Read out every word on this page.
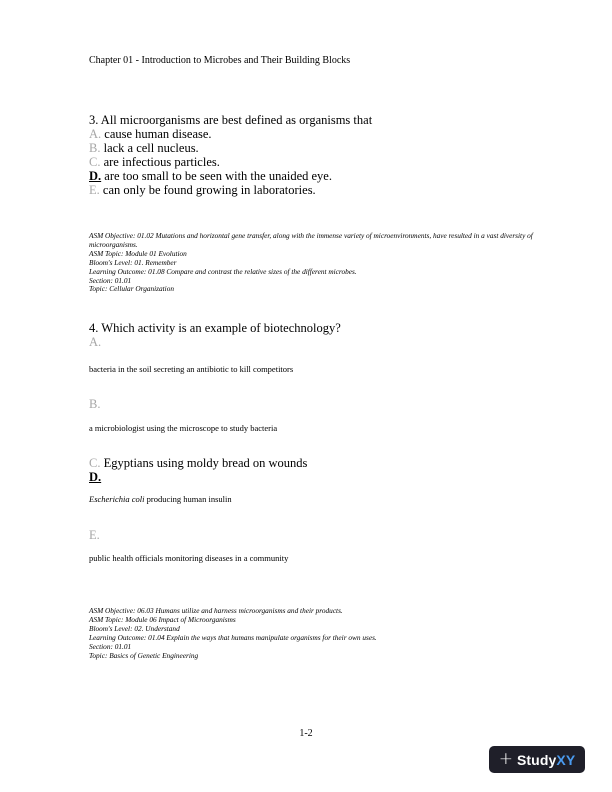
Chapter 01 - Introduction to Microbes and Their Building Blocks
3. All microorganisms are best defined as organisms that
A. cause human disease.
B. lack a cell nucleus.
C. are infectious particles.
D. are too small to be seen with the unaided eye.
E. can only be found growing in laboratories.
ASM Objective: 01.02 Mutations and horizontal gene transfer, along with the immense variety of microenvironments, have resulted in a vast diversity of microorganisms.
ASM Topic: Module 01 Evolution
Bloom's Level: 01. Remember
Learning Outcome: 01.08 Compare and contrast the relative sizes of the different microbes.
Section: 01.01
Topic: Cellular Organization
4. Which activity is an example of biotechnology?
A.
bacteria in the soil secreting an antibiotic to kill competitors
B.
a microbiologist using the microscope to study bacteria
C. Egyptians using moldy bread on wounds
D.
Escherichia coli producing human insulin
E.
public health officials monitoring diseases in a community
ASM Objective: 06.03 Humans utilize and harness microorganisms and their products.
ASM Topic: Module 06 Impact of Microorganisms
Bloom's Level: 02. Understand
Learning Outcome: 01.04 Explain the ways that humans manipulate organisms for their own uses.
Section: 01.01
Topic: Basics of Genetic Engineering
1-2
+ StudyXY
